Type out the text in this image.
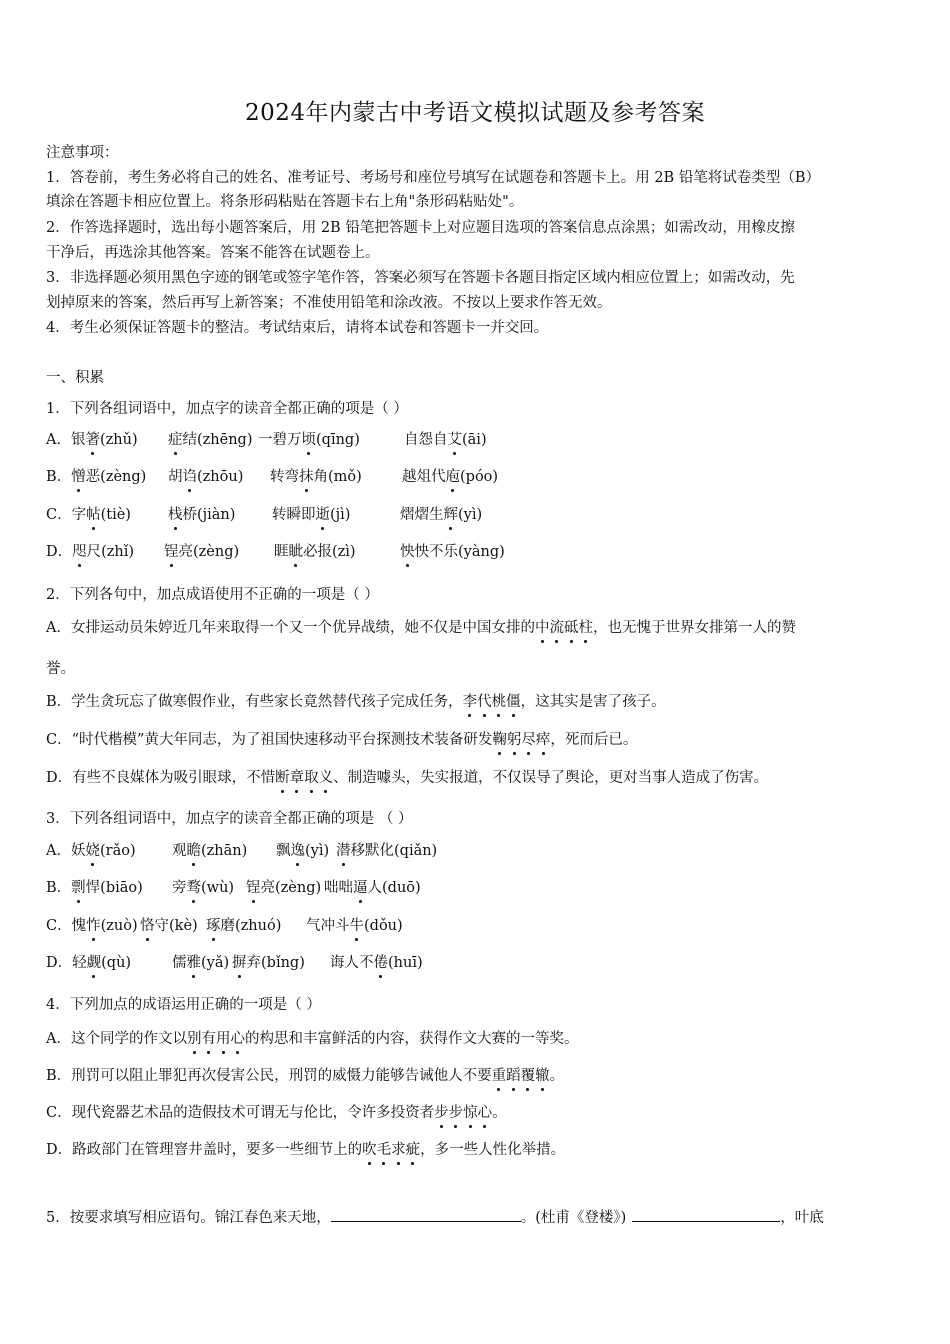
2024年内蒙古中考语文模拟试题及参考答案
注意事项：
1．答卷前，考生务必将自己的姓名、准考证号、考场号和座位号填写在试题卷和答题卡上。用 2B 铅笔将试卷类型（B）
填涂在答题卡相应位置上。将条形码粘贴在答题卡右上角"条形码粘贴处"。
2．作答选择题时，选出每小题答案后，用 2B 铅笔把答题卡上对应题目选项的答案信息点涂黑；如需改动，用橡皮擦
干净后，再选涂其他答案。答案不能答在试题卷上。
3．非选择题必须用黑色字迹的钢笔或签字笔作答，答案必须写在答题卡各题目指定区域内相应位置上；如需改动，先
划掉原来的答案，然后再写上新答案；不准使用铅笔和涂改液。不按以上要求作答无效。
4．考生必须保证答题卡的整洁。考试结束后，请将本试卷和答题卡一并交回。
一、积累
1．下列各组词语中，加点字的读音全都正确的项是（ ）
A．银箸(zhǔ) 症结(zhēng) 一碧万顷(qīng)	自怨自艾(āi)
B．憎恶(zèng) 胡诌(zhōu) 转弯抹角(mǒ)	越俎代庖(póo)
C．字帖(tiè)	栈桥(jiàn)	转瞬即逝(jì)	熠熠生辉(yì)
D．咫尺(zhǐ) 锃亮(zèng) 睚眦必报(zì)	怏怏不乐(yàng)
2．下列各句中，加点成语使用不正确的一项是（ ）
A．女排运动员朱婷近几年来取得一个又一个优异战绩，她不仅是中国女排的中流砥柱，也无愧于世界女排第一人的赞
誉。
B．学生贪玩忘了做寒假作业，有些家长竟然替代孩子完成任务，李代桃僵，这其实是害了孩子。
C．“时代楷模”黄大年同志，为了祖国快速移动平台探测技术装备研发鞠躬尽瘁，死而后已。
D．有些不良媒体为吸引眼球，不惜断章取义、制造噱头，失实报道，不仅误导了舆论，更对当事人造成了伤害。
3．下列各组词语中，加点字的读音全都正确的项是 （ ）
A．妖娆(rǎo)	观瞻(zhān) 飘逸(yì) 潜移默化(qiǎn)
B．剽悍(biāo) 旁骛(wù) 锃亮(zèng) 咄咄逼人(duō)
C．愧怍(zuò) 恪守(kè) 琢磨(zhuó) 气冲斗牛(dǒu)
D．轻觑(qù)	儒雅(yǎ) 摒弃(bǐng) 诲人不倦(huī)
4．下列加点的成语运用正确的一项是（ ）
A．这个同学的作文以别有用心的构思和丰富鲜活的内容，获得作文大赛的一等奖。
B．刑罚可以阻止罪犯再次侵害公民，刑罚的威慑力能够告诫他人不要重蹈覆辙。
C．现代瓷器艺术品的造假技术可谓无与伦比，令许多投资者步步惊心。
D．路政部门在管理窨井盖时，要多一些细节上的吹毛求疵，多一些人性化举措。
5．按要求填写相应语句。锦江春色来天地，	。(杜甫《登楼》)	，叶底
